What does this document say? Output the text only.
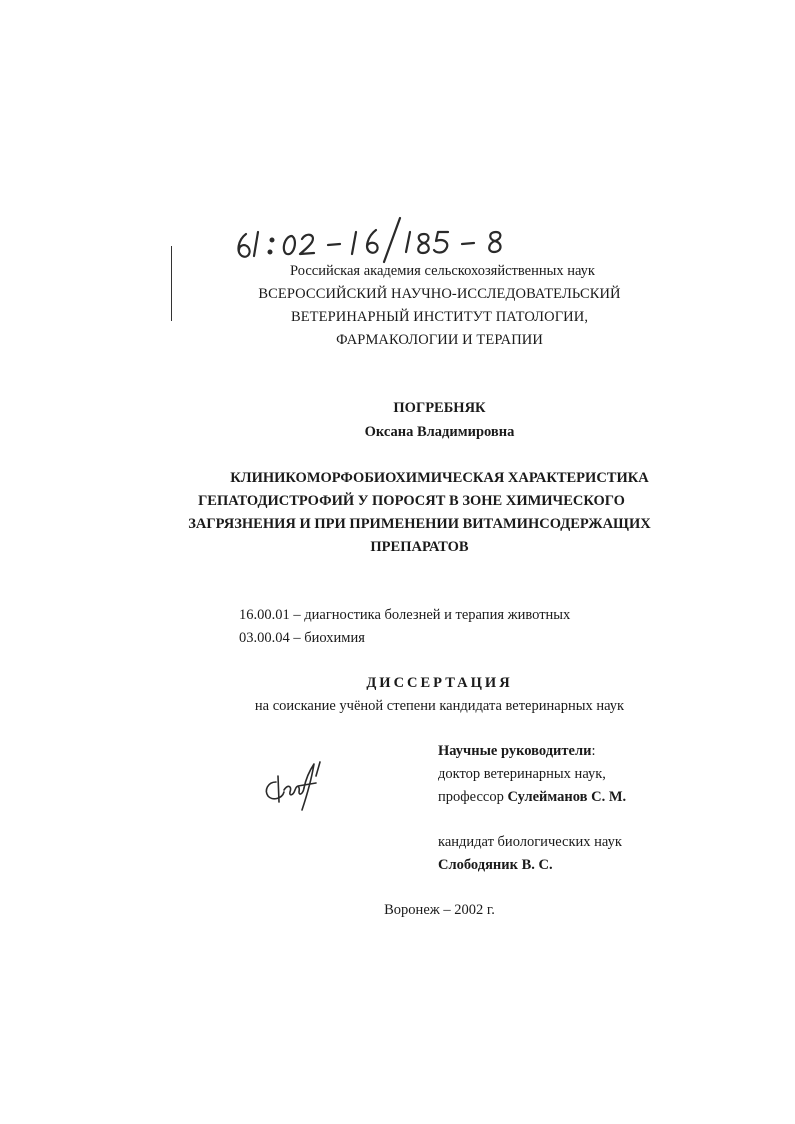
Российская академия сельскохозяйственных наук
ВСЕРОССИЙСКИЙ НАУЧНО-ИССЛЕДОВАТЕЛЬСКИЙ
ВЕТЕРИНАРНЫЙ ИНСТИТУТ ПАТОЛОГИИ,
ФАРМАКОЛОГИИ И ТЕРАПИИ
ПОГРЕБНЯК
Оксана Владимировна
КЛИНИКОМОРФОБИОХИМИЧЕСКАЯ ХАРАКТЕРИСТИКА
ГЕПАТОДИСТРОФИЙ У ПОРОСЯТ В ЗОНЕ ХИМИЧЕСКОГО
ЗАГРЯЗНЕНИЯ И ПРИ ПРИМЕНЕНИИ ВИТАМИНСОДЕРЖАЩИХ
ПРЕПАРАТОВ
16.00.01 – диагностика болезней и терапия животных
03.00.04 – биохимия
ДИССЕРТАЦИЯ
на соискание учёной степени кандидата ветеринарных наук
Научные руководители:
доктор ветеринарных наук,
профессор Сулейманов С. М.
кандидат биологических наук
Слободяник В. С.
Воронеж – 2002 г.
